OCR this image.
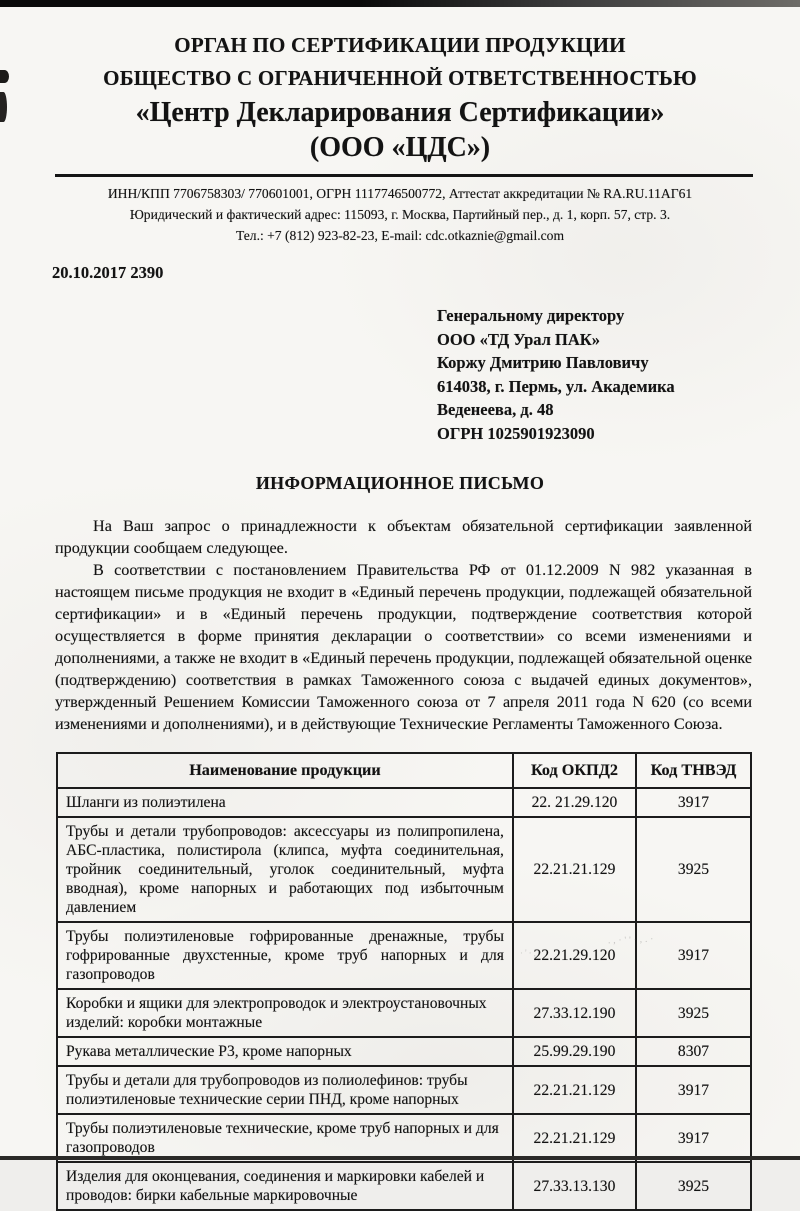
.,·''·,.·
·'·,
ОРГАН ПО СЕРТИФИКАЦИИ ПРОДУКЦИИ
ОБЩЕСТВО С ОГРАНИЧЕННОЙ ОТВЕТСТВЕННОСТЬЮ
«Центр Декларирования Сертификации»
(ООО «ЦДС»)
ИНН/КПП 7706758303/ 770601001, ОГРН 1117746500772, Аттестат аккредитации № RA.RU.11АГ61
Юридический и фактический адрес: 115093, г. Москва, Партийный пер., д. 1, корп. 57, стр. 3.
Тел.: +7 (812) 923-82-23, E-mail: cdc.otkaznie@gmail.com
20.10.2017 2390
Генеральному директору
ООО «ТД Урал ПАК»
Коржу Дмитрию Павловичу
614038, г. Пермь, ул. Академика
Веденеева, д. 48
ОГРН 1025901923090
ИНФОРМАЦИОННОЕ ПИСЬМО

На Ваш запрос о принадлежности к объектам обязательной сертификации заявленной продукции сообщаем следующее.

В соответствии с постановлением Правительства РФ от 01.12.2009 N 982 указанная в настоящем письме продукция не входит в «Единый перечень продукции, подлежащей обязательной сертификации» и в «Единый перечень продукции, подтверждение соответствия которой осуществляется в форме принятия декларации о соответствии» со всеми изменениями и дополнениями, а также не входит в «Единый перечень продукции, подлежащей обязательной оценке (подтверждению) соответствия в рамках Таможенного союза с выдачей единых документов», утвержденный Решением Комиссии Таможенного союза от 7 апреля 2011 года N 620 (со всеми изменениями и дополнениями), и в действующие Технические Регламенты Таможенного Союза.

Наименование продукции	Код ОКПД2	Код ТНВЭД
Шланги из полиэтилена	22. 21.29.120	3917
Трубы и детали трубопроводов: аксессуары из полипропилена, АБС-пластика, полистирола (клипса, муфта соединительная, тройник соединительный, уголок соединительный, муфта вводная), кроме напорных и работающих под избыточным давлением	22.21.21.129	3925
Трубы полиэтиленовые гофрированные дренажные, трубы гофрированные двухстенные, кроме труб напорных и для газопроводов	22.21.29.120	3917
Коробки и ящики для электропроводок и электроустановочных изделий: коробки монтажные	27.33.12.190	3925
Рукава металлические Р3, кроме напорных	25.99.29.190	8307
Трубы и детали для трубопроводов из полиолефинов: трубы полиэтиленовые технические серии ПНД, кроме напорных	22.21.21.129	3917
Трубы полиэтиленовые технические, кроме труб напорных и для газопроводов	22.21.21.129	3917
Изделия для оконцевания, соединения и маркировки кабелей и проводов: бирки кабельные маркировочные	27.33.13.130	3925
